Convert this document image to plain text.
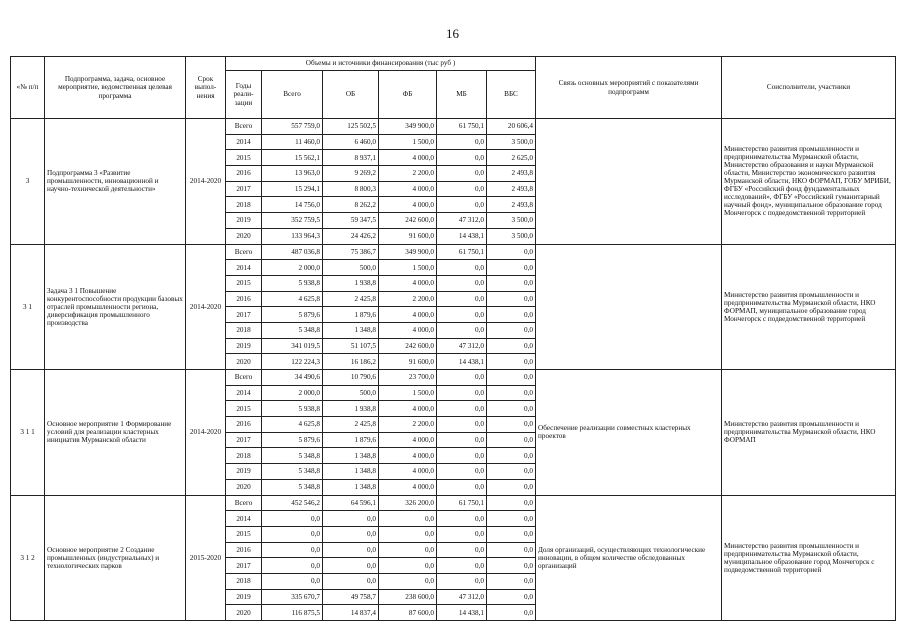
16
«№ п/п	Подпрограмма, задача, основное мероприятие, ведомственная целевая программа	Срок выпол- нения	Объемы и источники финансирования (тыс руб )						Связь основных мероприятий с показателями подпрограмм	Соисполнители, участники
			Годы реали- зации	Всего	ОБ	ФБ	МБ	ВБС		
3	Подпрограмма 3 «Развитие промышленности, инновационной и научно-технической деятельности»	2014-2020	Всего	557 759,0	125 502,5	349 900,0	61 750,1	20 606,4		Министерство развития промышленности и предпринимательства Мурманской области, Министерство образования и науки Мурманской области, Министерство экономического развития Мурманской области, НКО ФОРМАП, ГОБУ МРИБИ, ФГБУ «Российский фонд фундаментальных исследований», ФГБУ «Российский гуманитарный научный фонд», муниципальное образование город Мончегорск с подведомственной территорией
			2014	11 460,0	6 460,0	1 500,0	0,0	3 500,0		
			2015	15 562,1	8 937,1	4 000,0	0,0	2 625,0		
			2016	13 963,0	9 269,2	2 200,0	0,0	2 493,8		
			2017	15 294,1	8 800,3	4 000,0	0,0	2 493,8		
			2018	14 756,0	8 262,2	4 000,0	0,0	2 493,8		
			2019	352 759,5	59 347,5	242 600,0	47 312,0	3 500,0		
			2020	133 964,3	24 426,2	91 600,0	14 438,1	3 500,0		
3 1	Задача 3 1 Повышение конкурентоспособности продукции базовых отраслей промышленности региона, диверсификация промышленного производства	2014-2020	Всего	487 036,8	75 386,7	349 900,0	61 750,1	0,0		Министерство развития промышленности и предпринимательства Мурманской области, НКО ФОРМАП, муниципальное образование город Мончегорск с подведомственной территорией
			2014	2 000,0	500,0	1 500,0	0,0	0,0		
			2015	5 938,8	1 938,8	4 000,0	0,0	0,0		
			2016	4 625,8	2 425,8	2 200,0	0,0	0,0		
			2017	5 879,6	1 879,6	4 000,0	0,0	0,0		
			2018	5 348,8	1 348,8	4 000,0	0,0	0,0		
			2019	341 019,5	51 107,5	242 600,0	47 312,0	0,0		
			2020	122 224,3	16 186,2	91 600,0	14 438,1	0,0		
3 1 1	Основное мероприятие 1 Формирование условий для реализации кластерных инициатив Мурманской области	2014-2020	Всего	34 490,6	10 790,6	23 700,0	0,0	0,0	Обеспечение реализации совместных кластерных проектов	Министерство развития промышленности и предпринимательства Мурманской области, НКО ФОРМАП
			2014	2 000,0	500,0	1 500,0	0,0	0,0		
			2015	5 938,8	1 938,8	4 000,0	0,0	0,0		
			2016	4 625,8	2 425,8	2 200,0	0,0	0,0		
			2017	5 879,6	1 879,6	4 000,0	0,0	0,0		
			2018	5 348,8	1 348,8	4 000,0	0,0	0,0		
			2019	5 348,8	1 348,8	4 000,0	0,0	0,0		
			2020	5 348,8	1 348,8	4 000,0	0,0	0,0		
3 1 2	Основное мероприятие 2 Создание промышленных (индустриальных) и технологических парков	2015-2020	Всего	452 546,2	64 596,1	326 200,0	61 750,1	0,0	Доля организаций, осуществляющих технологические инновации, в общем количестве обследованных организаций	Министерство развития промышленности и предпринимательства Мурманской области, муниципальное образование город Мончегорск с подведомственной территорией
			2014	0,0	0,0	0,0	0,0	0,0		
			2015	0,0	0,0	0,0	0,0	0,0		
			2016	0,0	0,0	0,0	0,0	0,0		
			2017	0,0	0,0	0,0	0,0	0,0		
			2018	0,0	0,0	0,0	0,0	0,0		
			2019	335 670,7	49 758,7	238 600,0	47 312,0	0,0		
			2020	116 875,5	14 837,4	87 600,0	14 438,1	0,0		
